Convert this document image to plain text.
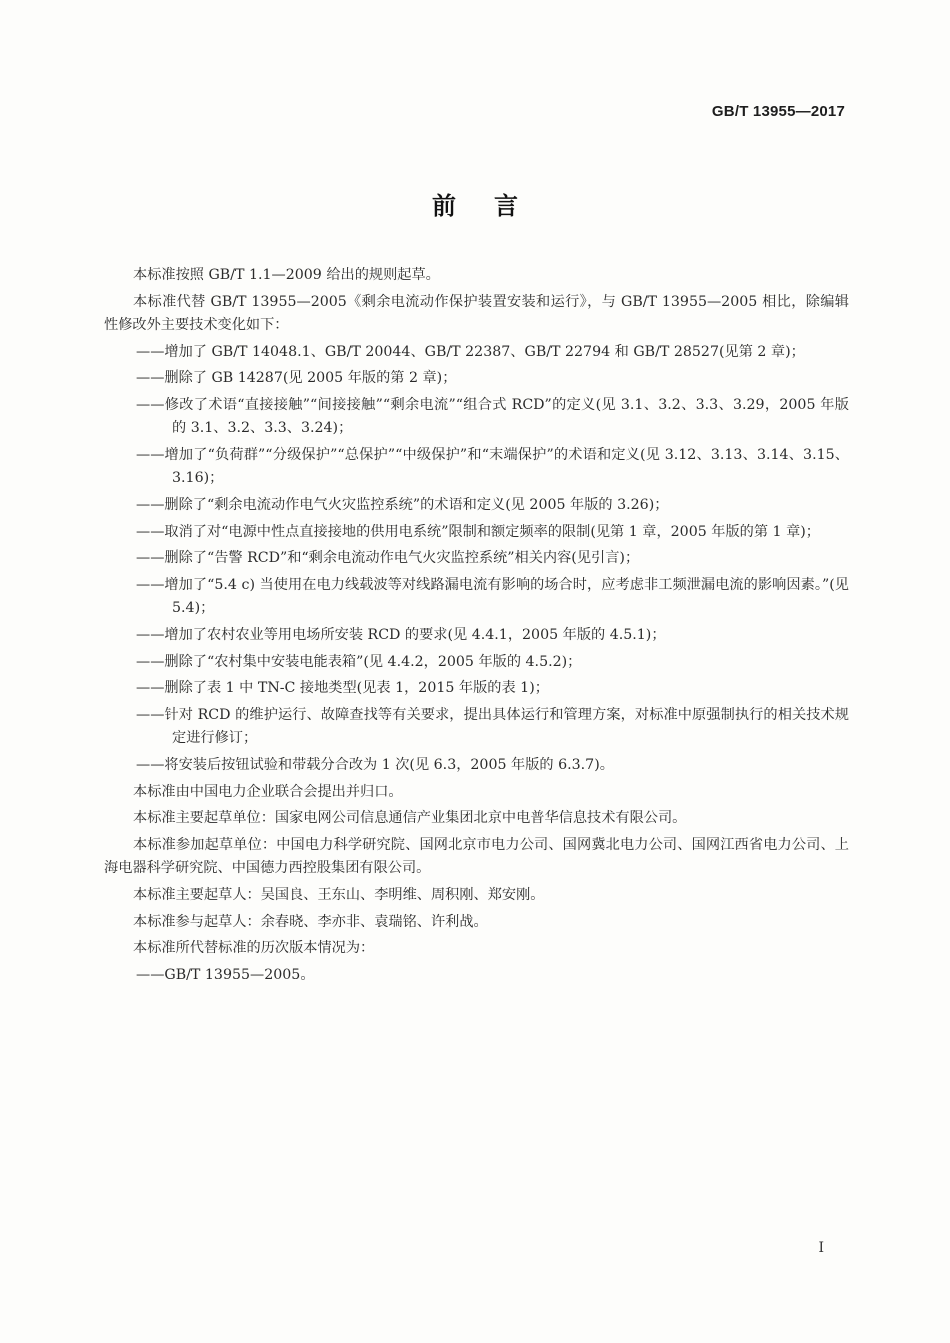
GB/T 13955—2017
前言

本标准按照 GB/T 1.1—2009 给出的规则起草。

本标准代替 GB/T 13955—2005《剩余电流动作保护装置安装和运行》，与 GB/T 13955—2005 相比，除编辑性修改外主要技术变化如下：

——增加了 GB/T 14048.1、GB/T 20044、GB/T 22387、GB/T 22794 和 GB/T 28527(见第 2 章)；

——删除了 GB 14287(见 2005 年版的第 2 章)；

——修改了术语“直接接触”“间接接触”“剩余电流”“组合式 RCD”的定义(见 3.1、3.2、3.3、3.29，2005 年版的 3.1、3.2、3.3、3.24)；

——增加了“负荷群”“分级保护”“总保护”“中级保护”和“末端保护”的术语和定义(见 3.12、3.13、3.14、3.15、3.16)；

——删除了“剩余电流动作电气火灾监控系统”的术语和定义(见 2005 年版的 3.26)；

——取消了对“电源中性点直接接地的供用电系统”限制和额定频率的限制(见第 1 章，2005 年版的第 1 章)；

——删除了“告警 RCD”和“剩余电流动作电气火灾监控系统”相关内容(见引言)；

——增加了“5.4 c) 当使用在电力线载波等对线路漏电流有影响的场合时，应考虑非工频泄漏电流的影响因素。”(见 5.4)；

——增加了农村农业等用电场所安装 RCD 的要求(见 4.4.1，2005 年版的 4.5.1)；

——删除了“农村集中安装电能表箱”(见 4.4.2，2005 年版的 4.5.2)；

——删除了表 1 中 TN-C 接地类型(见表 1，2015 年版的表 1)；

——针对 RCD 的维护运行、故障查找等有关要求，提出具体运行和管理方案，对标准中原强制执行的相关技术规定进行修订；

——将安装后按钮试验和带载分合改为 1 次(见 6.3，2005 年版的 6.3.7)。

本标准由中国电力企业联合会提出并归口。

本标准主要起草单位：国家电网公司信息通信产业集团北京中电普华信息技术有限公司。

本标准参加起草单位：中国电力科学研究院、国网北京市电力公司、国网冀北电力公司、国网江西省电力公司、上海电器科学研究院、中国德力西控股集团有限公司。

本标准主要起草人：吴国良、王东山、李明维、周积刚、郑安刚。

本标准参与起草人：余春晓、李亦非、袁瑞铭、许利战。

本标准所代替标准的历次版本情况为：

——GB/T 13955—2005。

I
